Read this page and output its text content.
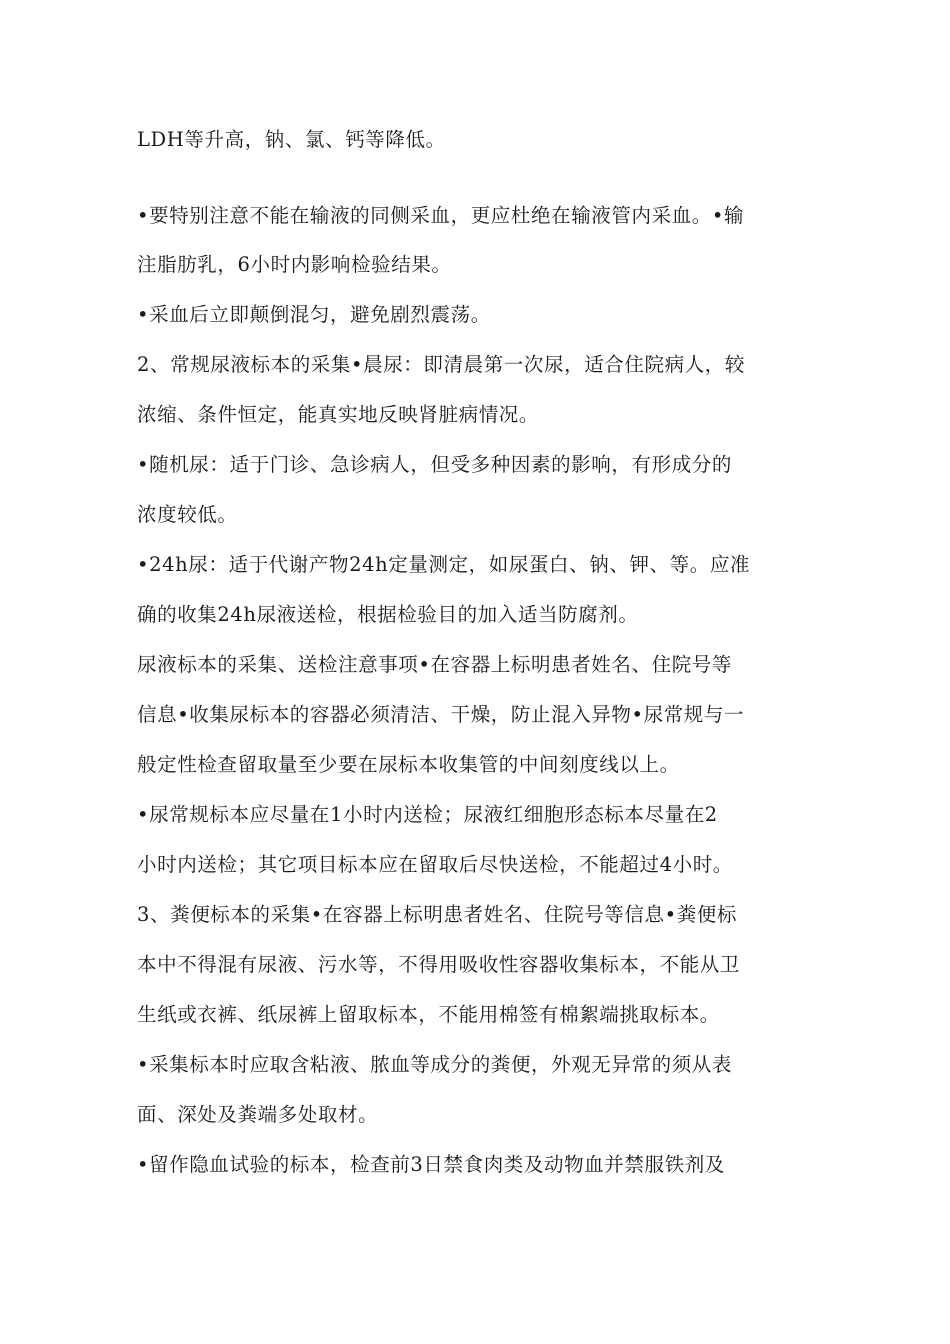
LDH等升高，钠、氯、钙等降低。

•要特别注意不能在输液的同侧采血，更应杜绝在输液管内采血。•输

注脂肪乳，6小时内影响检验结果。

•采血后立即颠倒混匀，避免剧烈震荡。

2、常规尿液标本的采集•晨尿：即清晨第一次尿，适合住院病人，较

浓缩、条件恒定，能真实地反映肾脏病情况。

•随机尿：适于门诊、急诊病人，但受多种因素的影响，有形成分的

浓度较低。

•24h尿：适于代谢产物24h定量测定，如尿蛋白、钠、钾、等。应准

确的收集24h尿液送检，根据检验目的加入适当防腐剂。

尿液标本的采集、送检注意事项•在容器上标明患者姓名、住院号等

信息•收集尿标本的容器必须清洁、干燥，防止混入异物•尿常规与一

般定性检查留取量至少要在尿标本收集管的中间刻度线以上。

•尿常规标本应尽量在1小时内送检；尿液红细胞形态标本尽量在2

小时内送检；其它项目标本应在留取后尽快送检，不能超过4小时。

3、粪便标本的采集•在容器上标明患者姓名、住院号等信息•粪便标

本中不得混有尿液、污水等，不得用吸收性容器收集标本，不能从卫

生纸或衣裤、纸尿裤上留取标本，不能用棉签有棉絮端挑取标本。

•采集标本时应取含粘液、脓血等成分的粪便，外观无异常的须从表

面、深处及粪端多处取材。

•留作隐血试验的标本，检查前3日禁食肉类及动物血并禁服铁剂及
